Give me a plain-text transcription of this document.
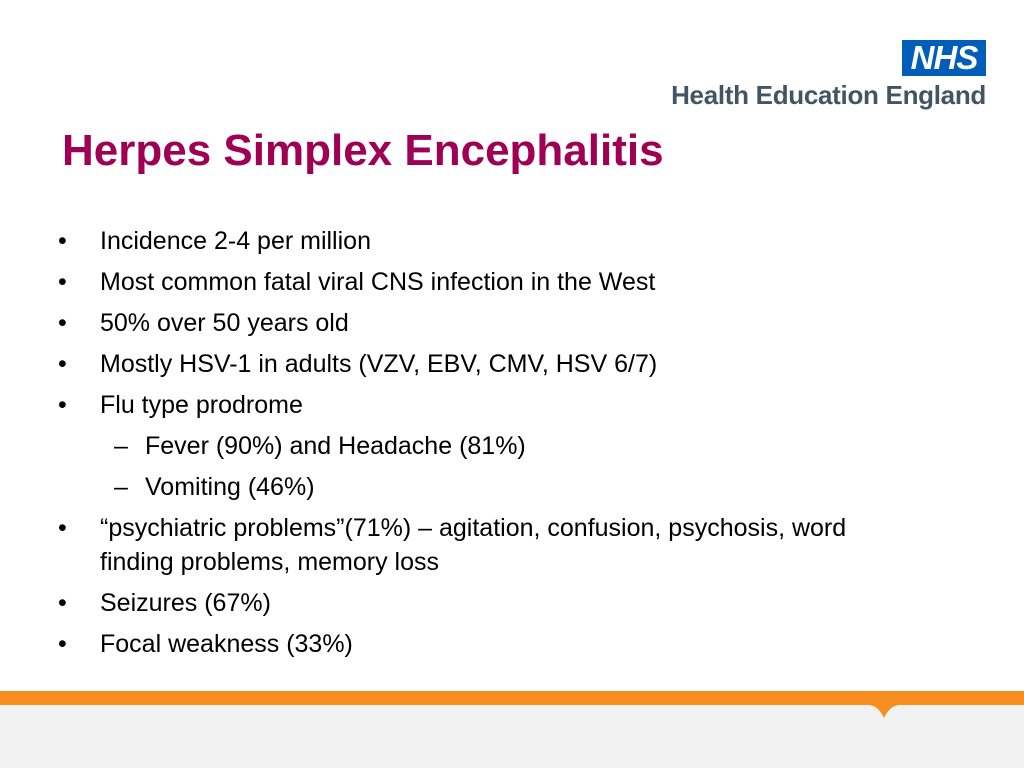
NHS
Health Education England
Herpes Simplex Encephalitis
• Incidence 2-4 per million
• Most common fatal viral CNS infection in the West
• 50% over 50 years old
• Mostly HSV-1 in adults (VZV, EBV, CMV, HSV 6/7)
• Flu type prodrome
– Fever (90%) and Headache (81%)
– Vomiting (46%)
• “psychiatric problems”(71%) – agitation, confusion, psychosis, word finding problems, memory loss
• Seizures (67%)
• Focal weakness (33%)
